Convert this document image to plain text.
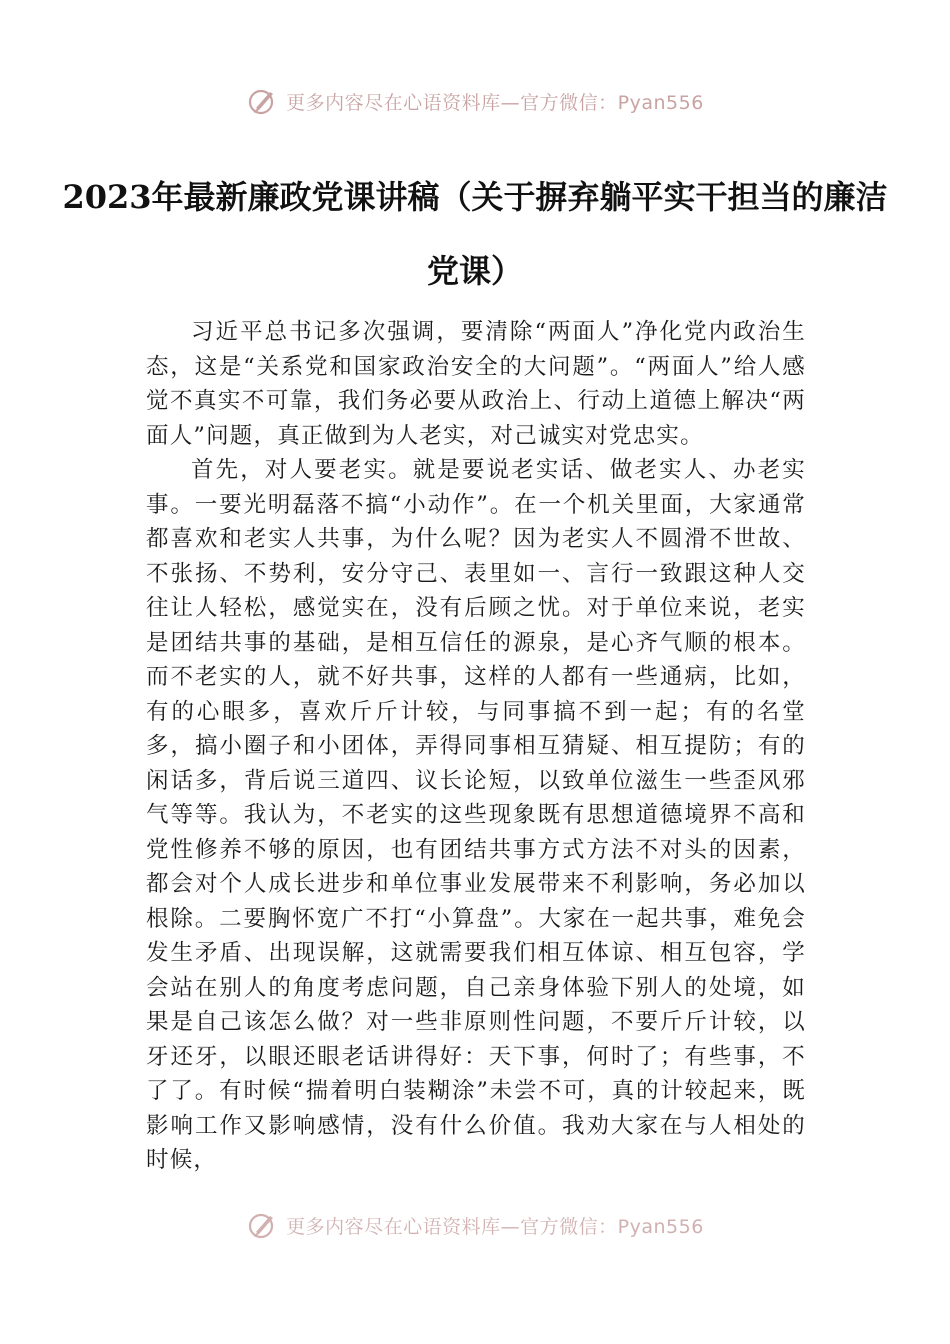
更多内容尽在心语资料库—官方微信：Pyan556
2023年最新廉政党课讲稿（关于摒弃躺平实干担当的廉洁党课）

习近平总书记多次强调，要清除“两面人”净化党内政治生态，这是“关系党和国家政治安全的大问题”。“两面人”给人感觉不真实不可靠，我们务必要从政治上、行动上道德上解决“两面人”问题，真正做到为人老实，对己诚实对党忠实。

首先，对人要老实。就是要说老实话、做老实人、办老实事。一要光明磊落不搞“小动作”。在一个机关里面，大家通常都喜欢和老实人共事，为什么呢？因为老实人不圆滑不世故、不张扬、不势利，安分守己、表里如一、言行一致跟这种人交往让人轻松，感觉实在，没有后顾之忧。对于单位来说，老实是团结共事的基础，是相互信任的源泉，是心齐气顺的根本。而不老实的人，就不好共事，这样的人都有一些通病，比如，有的心眼多，喜欢斤斤计较，与同事搞不到一起；有的名堂多，搞小圈子和小团体，弄得同事相互猜疑、相互提防；有的闲话多，背后说三道四、议长论短，以致单位滋生一些歪风邪气等等。我认为，不老实的这些现象既有思想道德境界不高和党性修养不够的原因，也有团结共事方式方法不对头的因素，都会对个人成长进步和单位事业发展带来不利影响，务必加以根除。二要胸怀宽广不打“小算盘”。大家在一起共事，难免会发生矛盾、出现误解，这就需要我们相互体谅、相互包容，学会站在别人的角度考虑问题，自己亲身体验下别人的处境，如果是自己该怎么做？对一些非原则性问题，不要斤斤计较，以牙还牙，以眼还眼老话讲得好：天下事，何时了；有些事，不了了。有时候“揣着明白装糊涂”未尝不可，真的计较起来，既影响工作又影响感情，没有什么价值。我劝大家在与人相处的时候，

更多内容尽在心语资料库—官方微信：Pyan556
